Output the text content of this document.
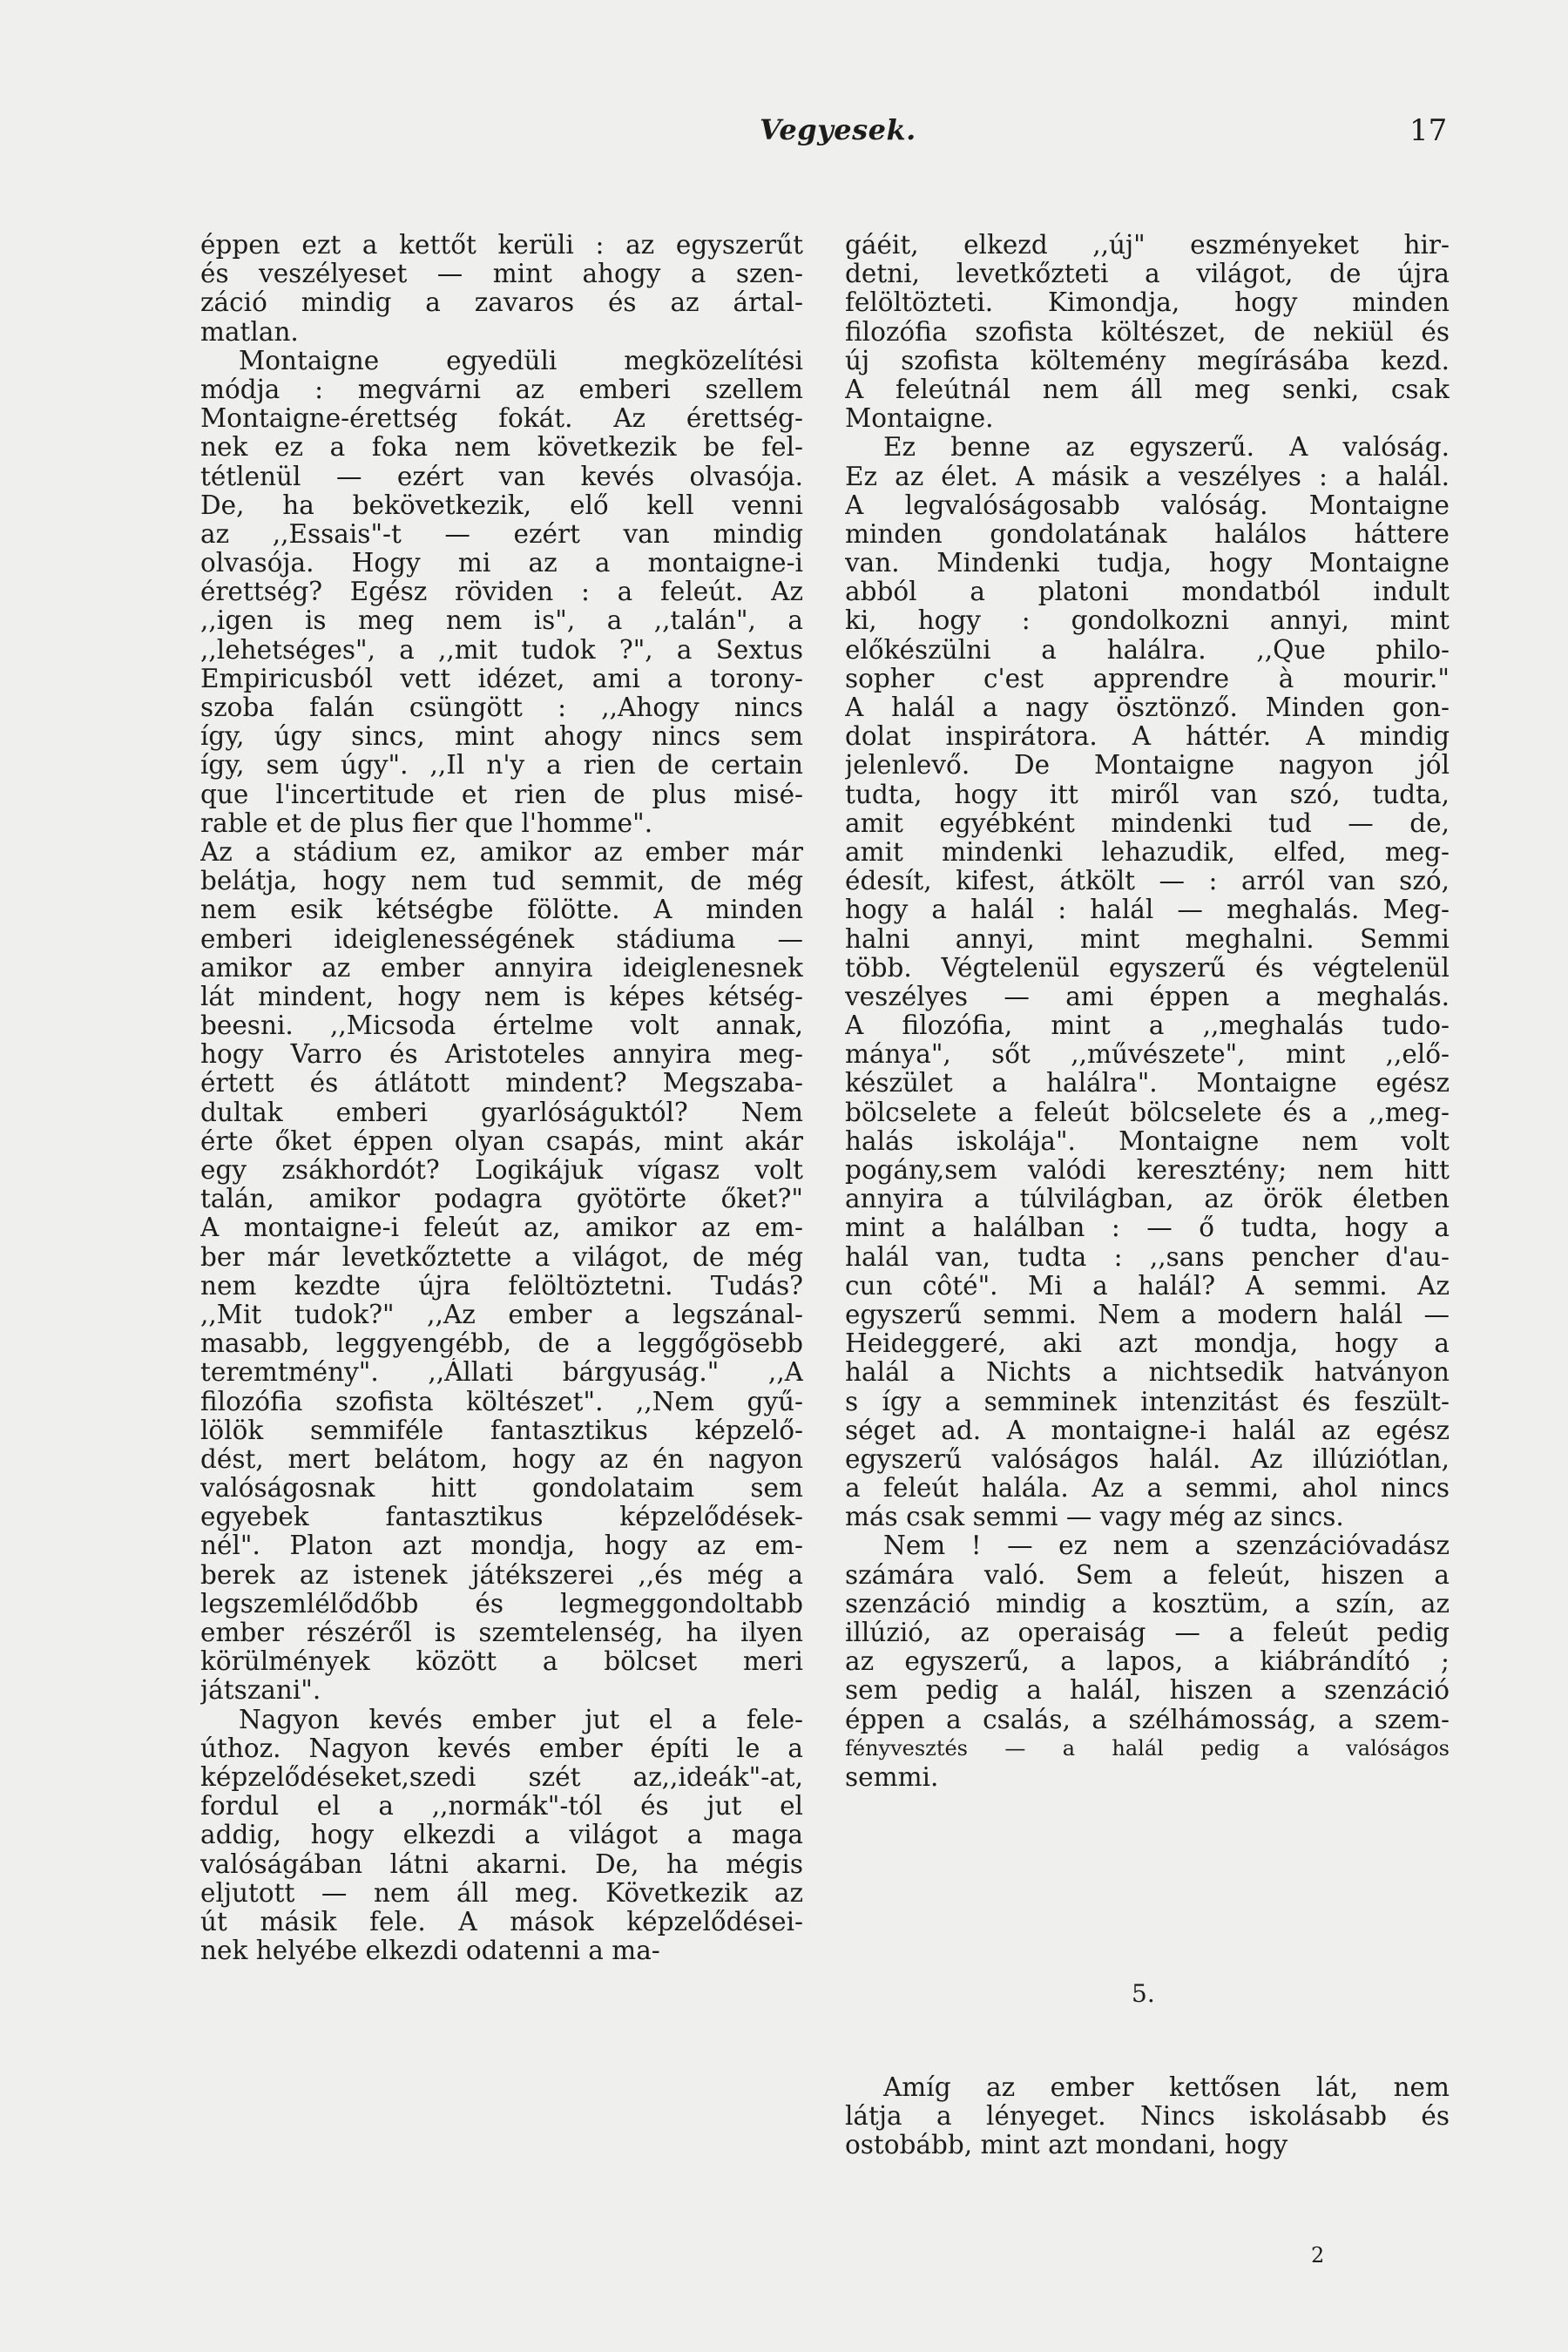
Vegyesek.	17
éppen ezt a kettőt kerüli : az egyszerűt
és veszélyeset — mint ahogy a szen-
záció mindig a zavaros és az ártal-
matlan.
Montaigne egyedüli megközelítési
módja : megvárni az emberi szellem
Montaigne-érettség fokát. Az érettség-
nek ez a foka nem következik be fel-
tétlenül — ezért van kevés olvasója.
De, ha bekövetkezik, elő kell venni
az ,,Essais"-t — ezért van mindig
olvasója. Hogy mi az a montaigne-i
érettség? Egész röviden : a feleút. Az
,,igen is meg nem is", a ,,talán", a
,,lehetséges", a ,,mit tudok ?", a Sextus
Empiricusból vett idézet, ami a torony-
szoba falán csüngött : ,,Ahogy nincs
így, úgy sincs, mint ahogy nincs sem
így, sem úgy". ,,Il n'y a rien de certain
que l'incertitude et rien de plus misé-
rable et de plus fier que l'homme".
Az a stádium ez, amikor az ember már
belátja, hogy nem tud semmit, de még
nem esik kétségbe fölötte. A minden
emberi ideiglenességének stádiuma —
amikor az ember annyira ideiglenesnek
lát mindent, hogy nem is képes kétség-
beesni. ,,Micsoda értelme volt annak,
hogy Varro és Aristoteles annyira meg-
értett és átlátott mindent? Megszaba-
dultak emberi gyarlóságuktól? Nem
érte őket éppen olyan csapás, mint akár
egy zsákhordót? Logikájuk vígasz volt
talán, amikor podagra gyötörte őket?"
A montaigne-i feleút az, amikor az em-
ber már levetkőztette a világot, de még
nem kezdte újra felöltöztetni. Tudás?
,,Mit tudok?" ,,Az ember a legszánal-
masabb, leggyengébb, de a leggőgösebb
teremtmény". ,,Állati bárgyuság." ,,A
filozófia szofista költészet". ,,Nem gyű-
lölök semmiféle fantasztikus képzelő-
dést, mert belátom, hogy az én nagyon
valóságosnak hitt gondolataim sem
egyebek fantasztikus képzelődések-
nél". Platon azt mondja, hogy az em-
berek az istenek játékszerei ,,és még a
legszemlélődőbb és legmeggondoltabb
ember részéről is szemtelenség, ha ilyen
körülmények között a bölcset meri
játszani".
Nagyon kevés ember jut el a fele-
úthoz. Nagyon kevés ember építi le a
képzelődéseket,szedi szét az,,ideák"-at,
fordul el a ,,normák"-tól és jut el
addig, hogy elkezdi a világot a maga
valóságában látni akarni. De, ha mégis
eljutott — nem áll meg. Következik az
út másik fele. A mások képzelődései-
nek helyébe elkezdi odatenni a ma-
gáéit, elkezd ,,új" eszményeket hir-
detni, levetkőzteti a világot, de újra
felöltözteti. Kimondja, hogy minden
filozófia szofista költészet, de nekiül és
új szofista költemény megírásába kezd.
A feleútnál nem áll meg senki, csak
Montaigne.
Ez benne az egyszerű. A valóság.
Ez az élet. A másik a veszélyes : a halál.
A legvalóságosabb valóság. Montaigne
minden gondolatának halálos háttere
van. Mindenki tudja, hogy Montaigne
abból a platoni mondatból indult
ki, hogy : gondolkozni annyi, mint
előkészülni a halálra. ,,Que philo-
sopher c'est apprendre à mourir."
A halál a nagy ösztönző. Minden gon-
dolat inspirátora. A háttér. A mindig
jelenlevő. De Montaigne nagyon jól
tudta, hogy itt miről van szó, tudta,
amit egyébként mindenki tud — de,
amit mindenki lehazudik, elfed, meg-
édesít, kifest, átkölt — : arról van szó,
hogy a halál : halál — meghalás. Meg-
halni annyi, mint meghalni. Semmi
több. Végtelenül egyszerű és végtelenül
veszélyes — ami éppen a meghalás.
A filozófia, mint a ,,meghalás tudo-
mánya", sőt ,,művészete", mint ,,elő-
készület a halálra". Montaigne egész
bölcselete a feleút bölcselete és a ,,meg-
halás iskolája". Montaigne nem volt
pogány,sem valódi keresztény; nem hitt
annyira a túlvilágban, az örök életben
mint a halálban : — ő tudta, hogy a
halál van, tudta : ,,sans pencher d'au-
cun côté". Mi a halál? A semmi. Az
egyszerű semmi. Nem a modern halál —
Heideggeré, aki azt mondja, hogy a
halál a Nichts a nichtsedik hatványon
s így a semminek intenzitást és feszült-
séget ad. A montaigne-i halál az egész
egyszerű valóságos halál. Az illúziótlan,
a feleút halála. Az a semmi, ahol nincs
más csak semmi — vagy még az sincs.
Nem ! — ez nem a szenzációvadász
számára való. Sem a feleút, hiszen a
szenzáció mindig a kosztüm, a szín, az
illúzió, az operaiság — a feleút pedig
az egyszerű, a lapos, a kiábrándító ;
sem pedig a halál, hiszen a szenzáció
éppen a csalás, a szélhámosság, a szem-
fényvesztés — a halál pedig a valóságos
semmi.
5.
Amíg az ember kettősen lát, nem
látja a lényeget. Nincs iskolásabb és
ostobább, mint azt mondani, hogy
2
